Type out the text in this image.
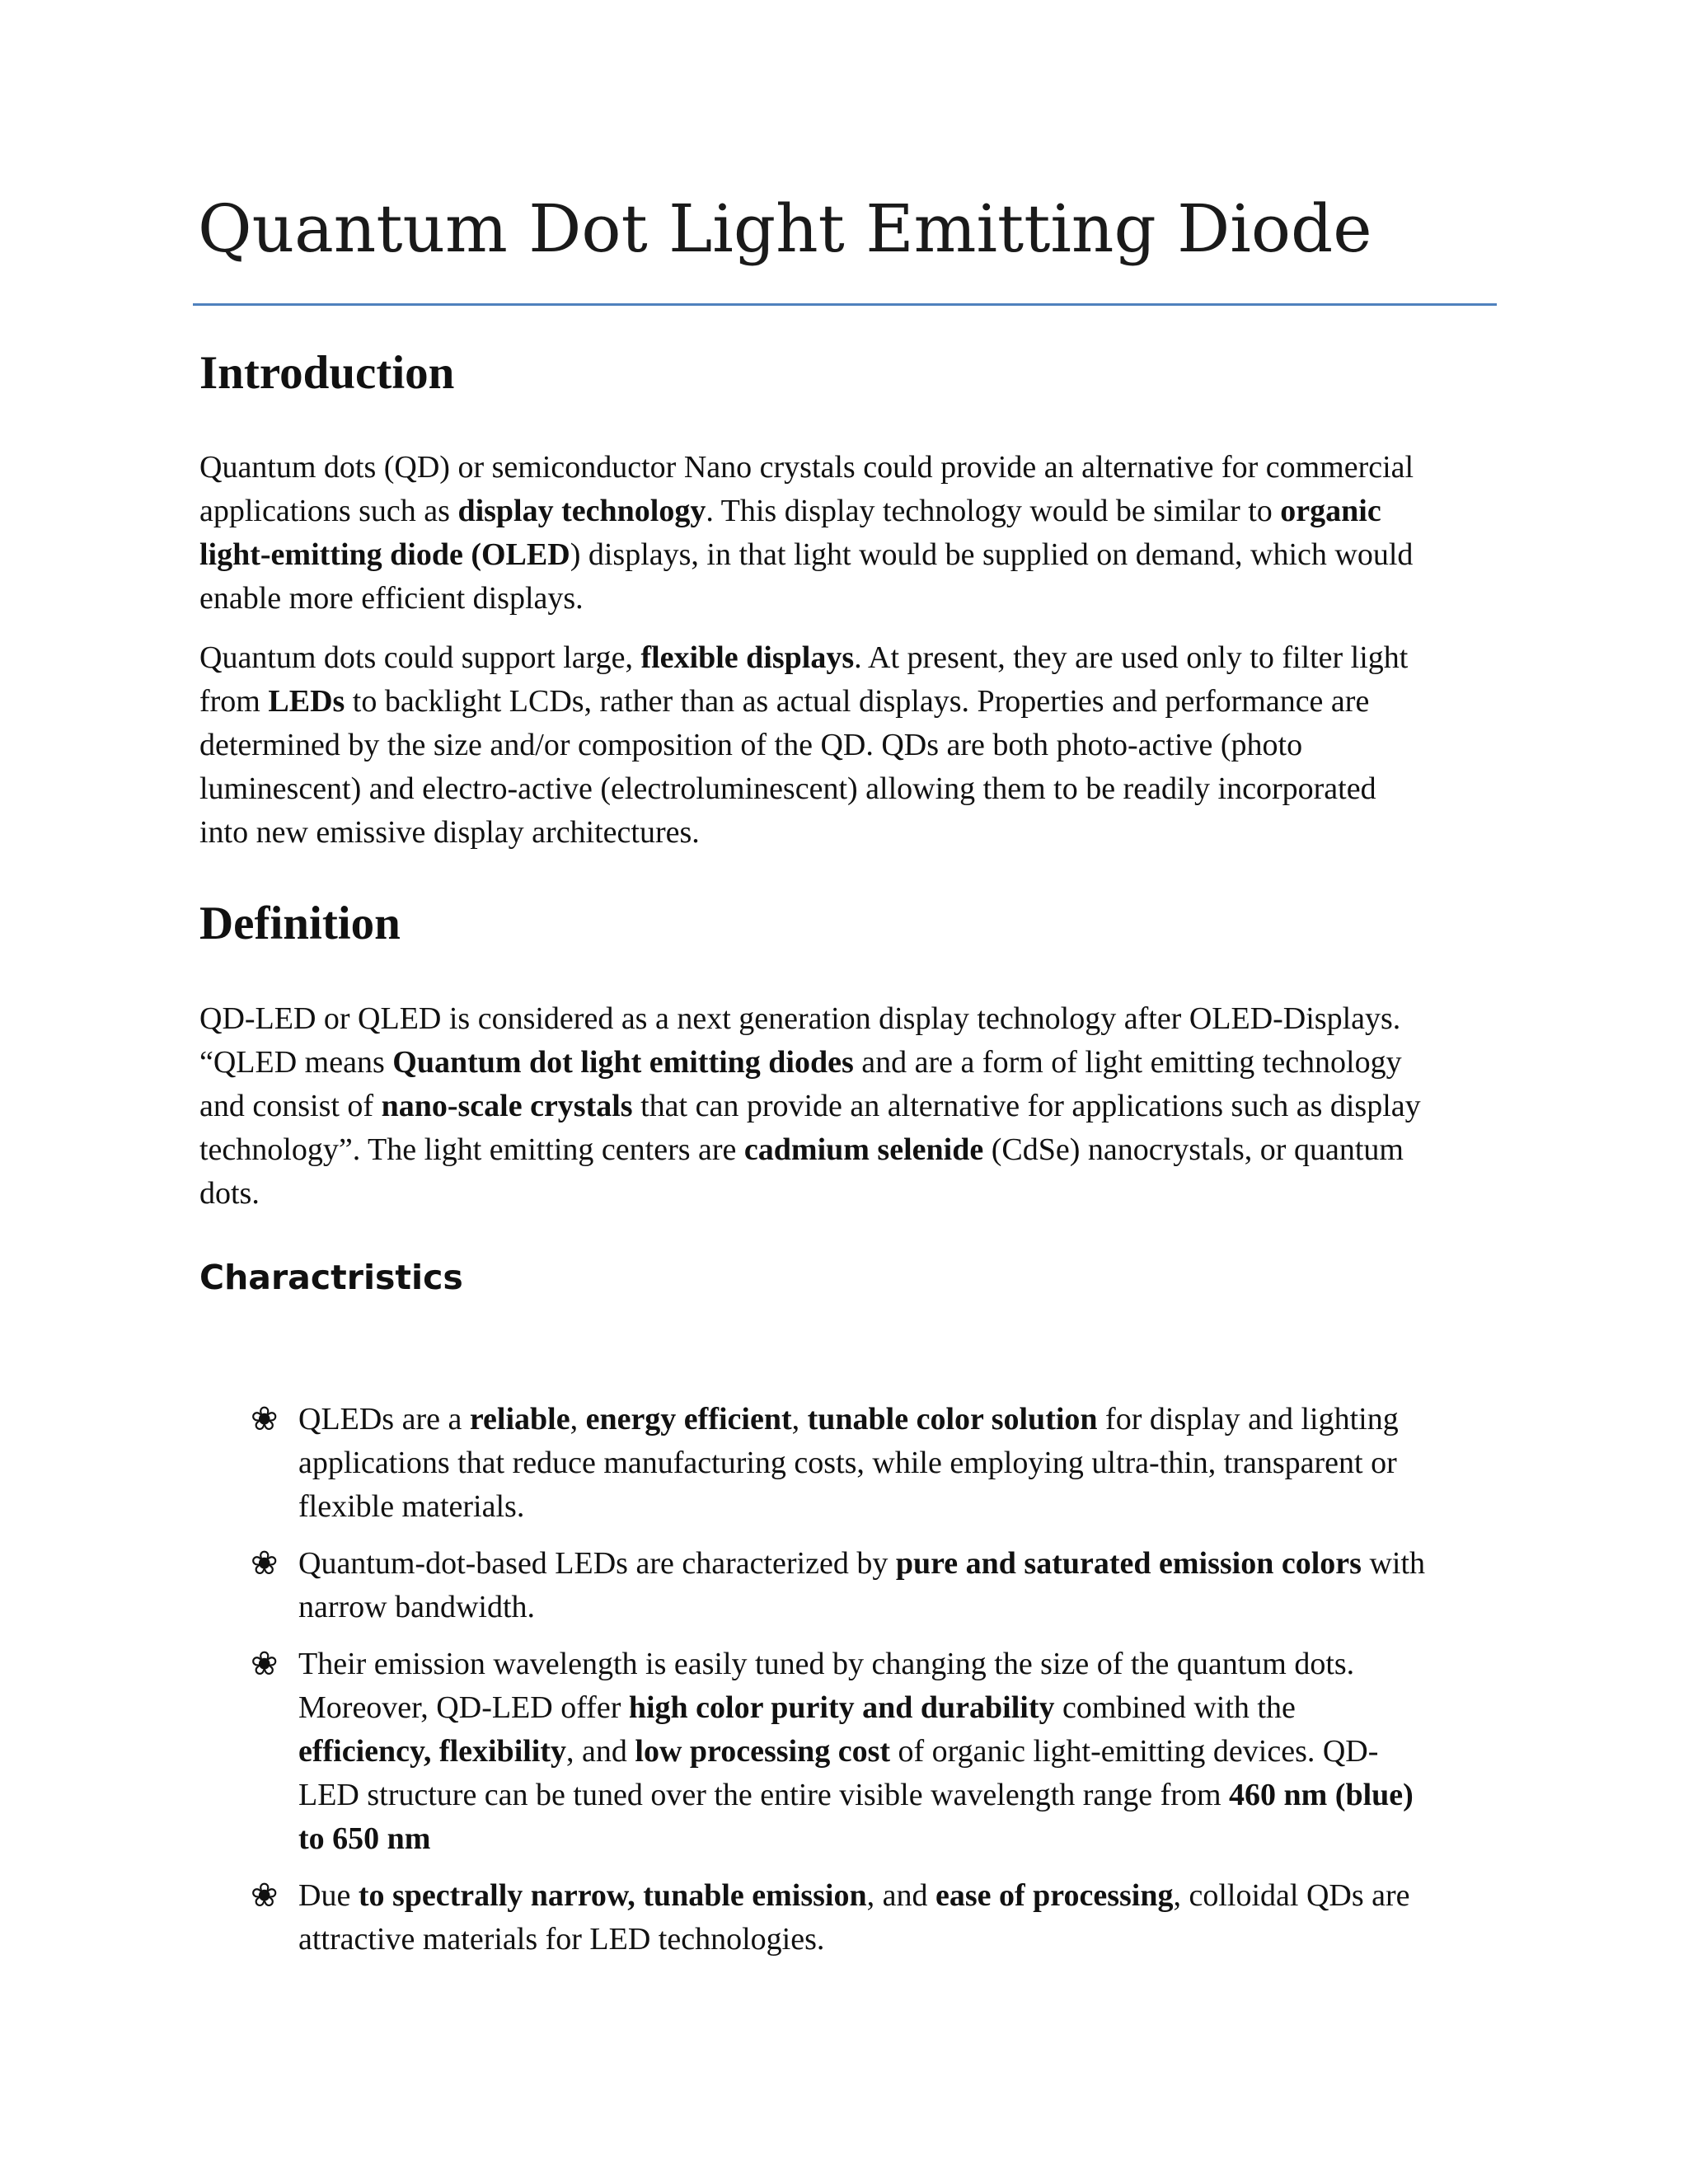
Quantum Dot Light Emitting Diode
Introduction
Quantum dots (QD) or semiconductor Nano crystals could provide an alternative for commercial
applications such as display technology. This display technology would be similar to organic
light-emitting diode (OLED) displays, in that light would be supplied on demand, which would
enable more efficient displays.
Quantum dots could support large, flexible displays. At present, they are used only to filter light
from LEDs to backlight LCDs, rather than as actual displays. Properties and performance are
determined by the size and/or composition of the QD. QDs are both photo-active (photo
luminescent) and electro-active (electroluminescent) allowing them to be readily incorporated
into new emissive display architectures.
Definition
QD-LED or QLED is considered as a next generation display technology after OLED-Displays.
“QLED means Quantum dot light emitting diodes and are a form of light emitting technology
and consist of nano-scale crystals that can provide an alternative for applications such as display
technology”. The light emitting centers are cadmium selenide (CdSe) nanocrystals, or quantum
dots.
Charactristics
❀ QLEDs are a reliable, energy efficient, tunable color solution for display and lighting
applications that reduce manufacturing costs, while employing ultra-thin, transparent or
flexible materials.
❀ Quantum-dot-based LEDs are characterized by pure and saturated emission colors with
narrow bandwidth.
❀ Their emission wavelength is easily tuned by changing the size of the quantum dots.
Moreover, QD-LED offer high color purity and durability combined with the
efficiency, flexibility, and low processing cost of organic light-emitting devices. QD-
LED structure can be tuned over the entire visible wavelength range from 460 nm (blue)
to 650 nm
❀ Due to spectrally narrow, tunable emission, and ease of processing, colloidal QDs are
attractive materials for LED technologies.
